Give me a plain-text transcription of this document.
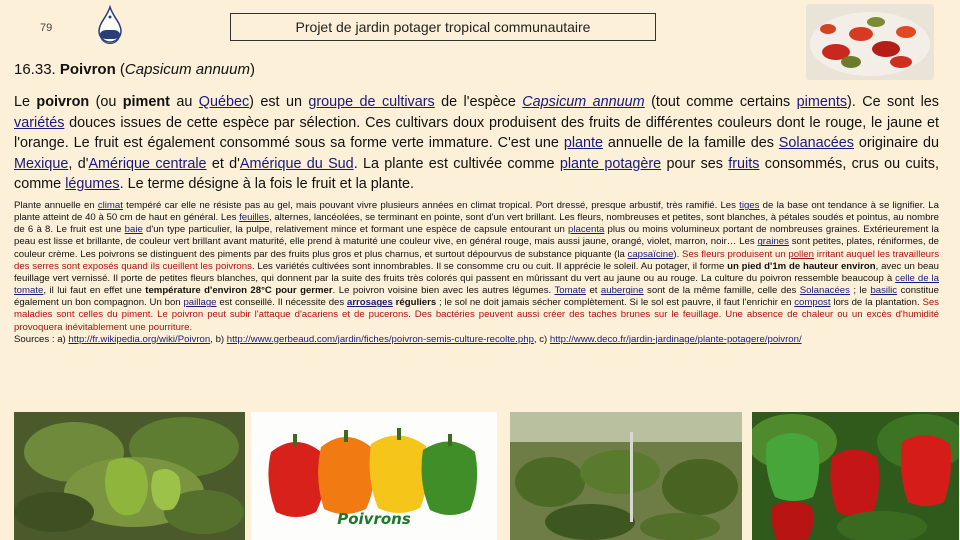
79	Projet de jardin potager tropical communautaire
16.33. Poivron (Capsicum annuum)
Le poivron (ou piment au Québec) est un groupe de cultivars de l'espèce Capsicum annuum (tout comme certains piments). Ce sont les variétés douces issues de cette espèce par sélection. Ces cultivars doux produisent des fruits de différentes couleurs dont le rouge, le jaune et l'orange. Le fruit est également consommé sous sa forme verte immature. C'est une plante annuelle de la famille des Solanacées originaire du Mexique, d'Amérique centrale et d'Amérique du Sud. La plante est cultivée comme plante potagère pour ses fruits consommés, crus ou cuits, comme légumes. Le terme désigne à la fois le fruit et la plante.
Plante annuelle en climat tempéré car elle ne résiste pas au gel, mais pouvant vivre plusieurs années en climat tropical. Port dressé, presque arbustif, très ramifié. Les tiges de la base ont tendance à se lignifier. La plante atteint de 40 à 50 cm de haut en général. Les feuilles, alternes, lancéolées, se terminant en pointe, sont d'un vert brillant. Les fleurs, nombreuses et petites, sont blanches, à pétales soudés et pointus, au nombre de 6 à 8. Le fruit est une baie d'un type particulier, la pulpe, relativement mince et formant une espèce de capsule entourant un placenta plus ou moins volumineux portant de nombreuses graines. Extérieurement la peau est lisse et brillante, de couleur vert brillant avant maturité, elle prend à maturité une couleur vive, en général rouge, mais aussi jaune, orangé, violet, marron, noir… Les graines sont petites, plates, réniformes, de couleur crème. Les poivrons se distinguent des piments par des fruits plus gros et plus charnus, et surtout dépourvus de substance piquante (la capsaïcine). Ses fleurs produisent un pollen irritant auquel les travailleurs des serres sont exposés quand ils cueillent les poivrons. Les variétés cultivées sont innombrables. Il se consomme cru ou cuit. Il apprécie le soleil. Au potager, il forme un pied d'1m de hauteur environ, avec un beau feuillage vert vernissé. Il porte de petites fleurs blanches, qui donnent par la suite des fruits très colorés qui passent en mûrissant du vert au jaune ou au rouge. La culture du poivron ressemble beaucoup à celle de la tomate, il lui faut en effet une température d'environ 28°C pour germer. Le poivron voisine bien avec les autres légumes. Tomate et aubergine sont de la même famille, celle des Solanacées ; le basilic constitue également un bon compagnon. Un bon paillage est conseillé. Il nécessite des arrosages réguliers ; le sol ne doit jamais sécher complètement. Si le sol est pauvre, il faut l'enrichir en compost lors de la plantation. Ses maladies sont celles du piment. Le poivron peut subir l'attaque d'acariens et de pucerons. Des bactéries peuvent aussi créer des taches brunes sur le feuillage. Une absence de chaleur ou un excès d'humidité provoquera inévitablement une pourriture.
Sources : a) http://fr.wikipedia.org/wiki/Poivron, b) http://www.gerbeaud.com/jardin/fiches/poivron-semis-culture-recolte.php, c) http://www.deco.fr/jardin-jardinage/plante-potagere/poivron/
Poivrons
